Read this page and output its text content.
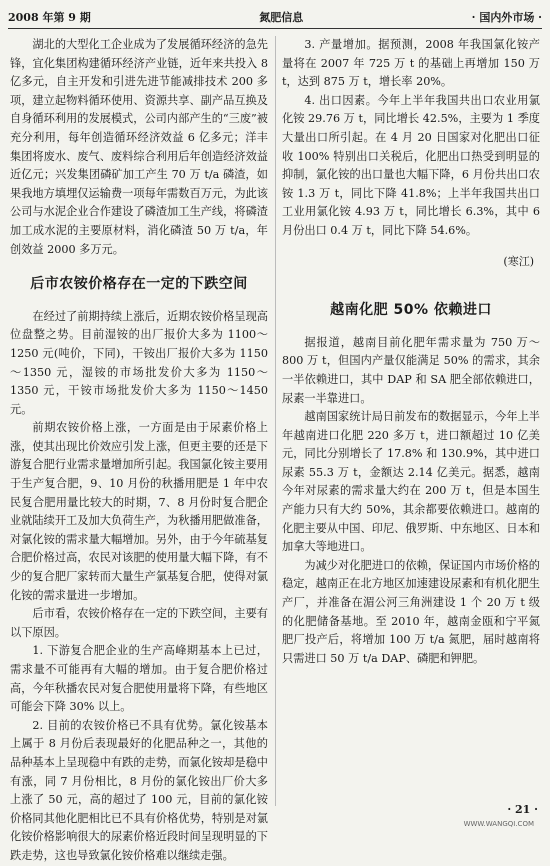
2008 年第 9 期	氮肥信息	· 国内外市场 ·

湖北的大型化工企业成为了发展循环经济的急先锋，宜化集团构建循环经济产业链，近年来共投入 8 亿多元，自主开发和引进先进节能减排技术 200 多项，建立起物料循环使用、资源共享、副产品互换及自身循环利用的发展模式，公司内部产生的“三废”被充分利用，每年创造循环经济效益 6 亿多元；洋丰集团将废水、废气、废料综合利用后年创造经济效益近亿元；兴发集团磷矿加工产生 70 万 t/a 磷渣，如果我地方填埋仅运输费一项每年需数百万元，为此该公司与水泥企业合作建设了磷渣加工生产线，将磷渣加工成水泥的主要原材料，消化磷渣 50 万 t/a，年创效益 2000 多万元。

后市农铵价格存在一定的下跌空间

在经过了前期持续上涨后，近期农铵价格呈现高位盘整之势。目前湿铵的出厂报价大多为 1100～1250 元(吨价，下同)，干铵出厂报价大多为 1150～1350 元，湿铵的市场批发价大多为 1150～1350 元，干铵市场批发价大多为 1150～1450 元。

前期农铵价格上涨，一方面是由于尿素价格上涨，使其出现比价效应引发上涨，但更主要的还是下游复合肥行业需求量增加所引起。我国氯化铵主要用于生产复合肥，9、10 月份的秋播用肥是 1 年中农民复合肥用量比较大的时期，7、8 月份时复合肥企业就陆续开工及加大负荷生产，为秋播用肥做准备，对氯化铵的需求量大幅增加。另外，由于今年硫基复合肥价格过高，农民对该肥的使用量大幅下降，有不少的复合肥厂家转而大量生产氯基复合肥，使得对氯化铵的需求量进一步增加。

后市看，农铵价格存在一定的下跌空间，主要有以下原因。

1. 下游复合肥企业的生产高峰期基本上已过，需求量不可能再有大幅的增加。由于复合肥价格过高，今年秋播农民对复合肥使用量将下降，有些地区可能会下降 30% 以上。

2. 目前的农铵价格已不具有优势。氯化铵基本上属于 8 月份后表现最好的化肥品种之一，其他的品种基本上呈现稳中有跌的走势，而氯化铵却是稳中有涨，同 7 月份相比，8 月份的氯化铵出厂价大多上涨了 50 元，高的超过了 100 元，目前的氯化铵价格同其他化肥相比已不具有价格优势，特别是对氯化铵价格影响很大的尿素价格近段时间呈现明显的下跌走势，这也导致氯化铵价格难以继续走强。

3. 产量增加。据预测，2008 年我国氯化铵产量将在 2007 年 725 万 t 的基础上再增加 150 万 t，达到 875 万 t，增长率 20%。

4. 出口因素。今年上半年我国共出口农业用氯化铵 29.76 万 t，同比增长 42.5%，主要为 1 季度大量出口所引起。在 4 月 20 日国家对化肥出口征收 100% 特别出口关税后，化肥出口热受到明显的抑制，氯化铵的出口量也大幅下降，6 月份共出口农铵 1.3 万 t，同比下降 41.8%；上半年我国共出口工业用氯化铵 4.93 万 t，同比增长 6.3%，其中 6 月份出口 0.4 万 t，同比下降 54.6%。

(寒江)
越南化肥 50% 依赖进口

据报道，越南目前化肥年需求量为 750 万～800 万 t，但国内产量仅能满足 50% 的需求，其余一半依赖进口，其中 DAP 和 SA 肥全部依赖进口，尿素一半靠进口。

越南国家统计局日前发布的数据显示，今年上半年越南进口化肥 220 多万 t，进口额超过 10 亿美元，同比分别增长了 17.8% 和 130.9%，其中进口尿素 55.3 万 t，金额达 2.14 亿美元。据悉，越南今年对尿素的需求量大约在 200 万 t，但是本国生产能力只有大约 50%，其余都要依赖进口。越南的化肥主要从中国、印尼、俄罗斯、中东地区、日本和加拿大等地进口。

为减少对化肥进口的依赖，保证国内市场价格的稳定，越南正在北方地区加速建设尿素和有机化肥生产厂，并准备在湄公河三角洲建设 1 个 20 万 t 级的化肥储备基地。至 2010 年，越南金瓯和宁平氮肥厂投产后，将增加 100 万 t/a 氮肥，届时越南将只需进口 50 万 t/a DAP、磷肥和钾肥。

· 21 ·
WWW.WANGQI.COM
